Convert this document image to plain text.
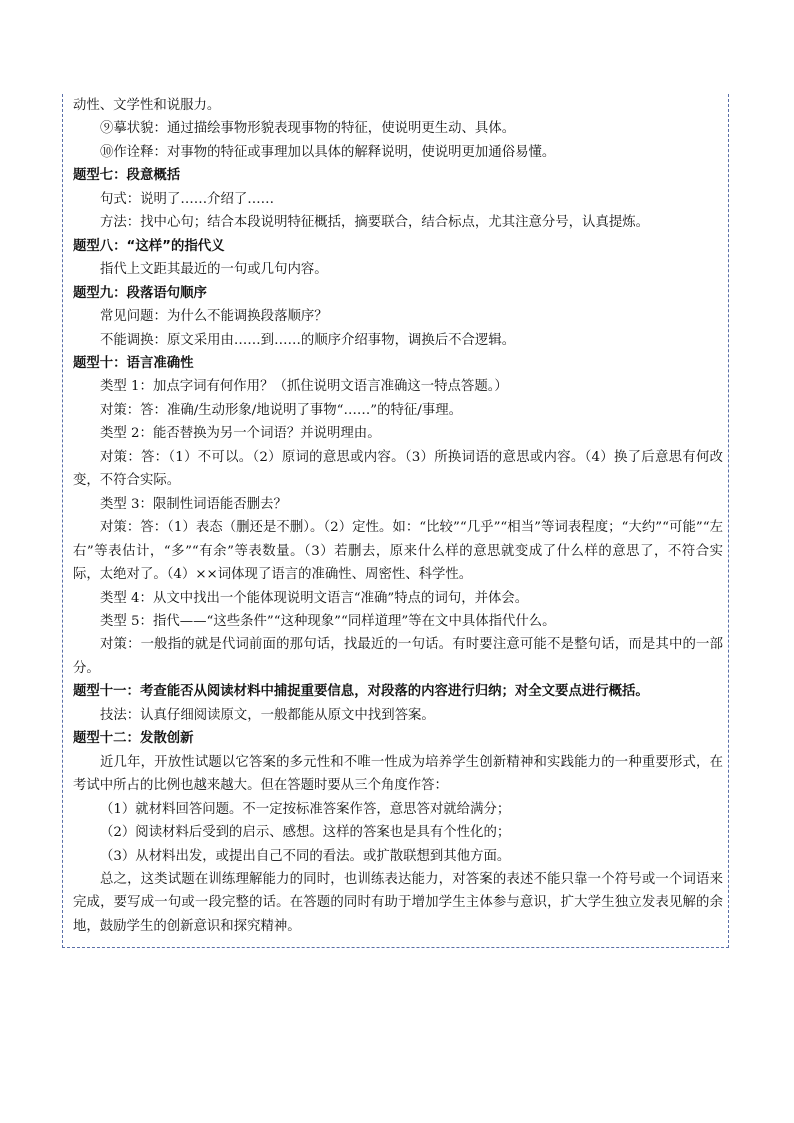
动性、文学性和说服力。

⑨摹状貌：通过描绘事物形貌表现事物的特征，使说明更生动、具体。

⑩作诠释：对事物的特征或事理加以具体的解释说明，使说明更加通俗易懂。

题型七：段意概括

句式：说明了……介绍了……

方法：找中心句；结合本段说明特征概括，摘要联合，结合标点，尤其注意分号，认真提炼。

题型八：“这样”的指代义

指代上文距其最近的一句或几句内容。

题型九：段落语句顺序

常见问题：为什么不能调换段落顺序？

不能调换：原文采用由……到……的顺序介绍事物，调换后不合逻辑。

题型十：语言准确性

类型 1：加点字词有何作用？（抓住说明文语言准确这一特点答题。）

对策：答：准确/生动形象/地说明了事物“……”的特征/事理。

类型 2：能否替换为另一个词语？并说明理由。

对策：答：（1）不可以。（2）原词的意思或内容。（3）所换词语的意思或内容。（4）换了后意思有何改变，不符合实际。

类型 3：限制性词语能否删去？

对策：答：（1）表态（删还是不删）。（2）定性。如：“比较”“几乎”“相当”等词表程度；“大约”“可能”“左右”等表估计，“多”“有余”等表数量。（3）若删去，原来什么样的意思就变成了什么样的意思了，不符合实际，太绝对了。（4）××词体现了语言的准确性、周密性、科学性。

类型 4：从文中找出一个能体现说明文语言“准确”特点的词句，并体会。

类型 5：指代——“这些条件”“这种现象”“同样道理”等在文中具体指代什么。

对策：一般指的就是代词前面的那句话，找最近的一句话。有时要注意可能不是整句话，而是其中的一部分。

题型十一：考查能否从阅读材料中捕捉重要信息，对段落的内容进行归纳；对全文要点进行概括。

技法：认真仔细阅读原文，一般都能从原文中找到答案。

题型十二：发散创新

近几年，开放性试题以它答案的多元性和不唯一性成为培养学生创新精神和实践能力的一种重要形式，在考试中所占的比例也越来越大。但在答题时要从三个角度作答：

（1）就材料回答问题。不一定按标准答案作答，意思答对就给满分；

（2）阅读材料后受到的启示、感想。这样的答案也是具有个性化的；

（3）从材料出发，或提出自己不同的看法。或扩散联想到其他方面。

总之，这类试题在训练理解能力的同时，也训练表达能力，对答案的表述不能只靠一个符号或一个词语来完成，要写成一句或一段完整的话。在答题的同时有助于增加学生主体参与意识，扩大学生独立发表见解的余地，鼓励学生的创新意识和探究精神。
